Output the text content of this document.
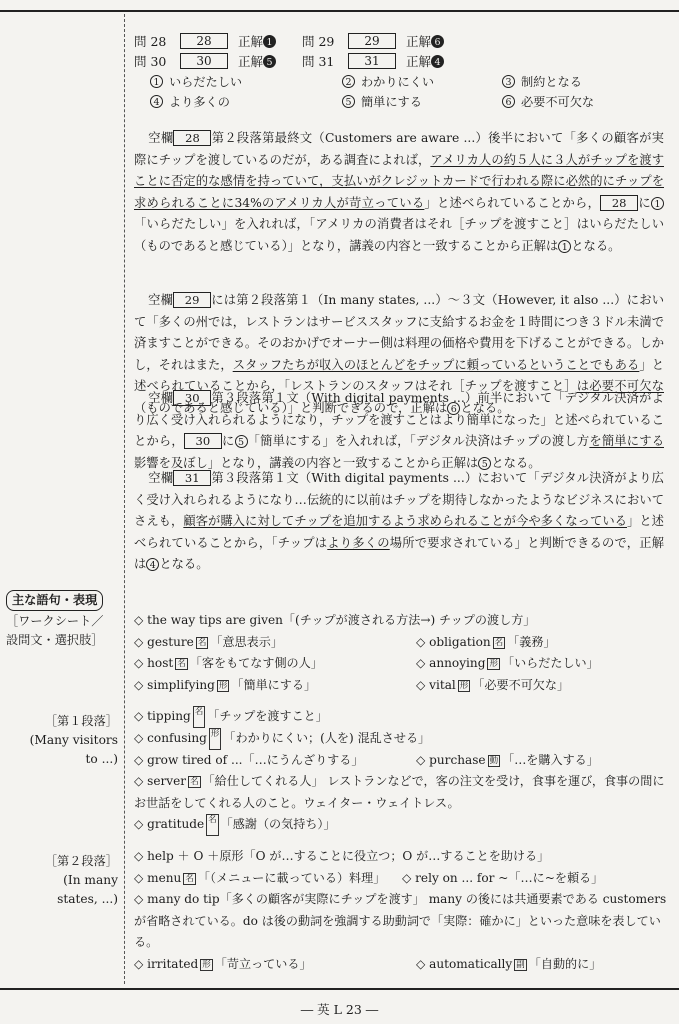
問 28	28	正解 1 問 29	29	正解 6
問 30	30	正解 5 問 31	31	正解 4
1 いらだたしい	2 わかりにくい	3 制約となる
4 より多くの	5 簡単にする	6 必要不可欠な
空欄 28 第２段落第最終文（Customers are aware ...）後半において「多くの顧客が実際にチップを渡しているのだが，ある調査によれば，アメリカ人の約５人に３人がチップを渡すことに否定的な感情を持っていて，支払いがクレジットカードで行われる際に必然的にチップを求められることに34%のアメリカ人が苛立っている」と述べられていることから， 28 に 1「いらだたしい」を入れれば，「アメリカの消費者はそれ［チップを渡すこと］はいらだたしい（ものであると感じている）」となり，講義の内容と一致することから正解は 1 となる。
空欄 29 には第２段落第１（In many states, ...）～３文（However, it also ...）において「多くの州では，レストランはサービススタッフに支給するお金を１時間につき３ドル未満で済ますことができる。そのおかげでオーナー側は料理の価格や費用を下げることができる。しかし，それはまた，スタッフたちが収入のほとんどをチップに頼っているということでもある」と述べられていることから，「レストランのスタッフはそれ［チップを渡すこと］は必要不可欠な（ものであると感じている）」と判断できるので，正解は 6 となる。
空欄 30 第３段落第１文（With digital payments ...）前半において「デジタル決済がより広く受け入れられるようになり，チップを渡すことはより簡単になった」と述べられていることから， 30 に 5 「簡単にする」を入れれば，「デジタル決済はチップの渡し方を簡単にする影響を及ぼし」となり，講義の内容と一致することから正解は 5 となる。
空欄 31 第３段落第１文（With digital payments ...）において「デジタル決済がより広く受け入れられるようになり…伝統的に以前はチップを期待しなかったようなビジネスにおいてさえも，顧客が購入に対してチップを追加するよう求められることが今や多くなっている」と述べられていることから，「チップはより多くの場所で要求されている」と判断できるので，正解は 4 となる。
主な語句・表現
［ワークシート／
設問文・選択肢］
［第１段落］
(Many visitors
to ...)
［第２段落］
(In many
states, ...)
◇ the way tips are given「(チップが渡される方法→) チップの渡し方」
◇ gesture 名 「意思表示」	◇ obligation 名 「義務」
◇ host 名 「客をもてなす側の人」	◇ annoying 形 「いらだたしい」
◇ simplifying 形 「簡単にする」	◇ vital 形 「必要不可欠な」
◇ tipping 名 「チップを渡すこと」
◇ confusing 形 「わかりにくい；(人を) 混乱させる」
◇ grow tired of ...「…にうんざりする」	◇ purchase 動 「…を購入する」
◇ server 名 「給仕してくれる人」 レストランなどで，客の注文を受け，食事を運び，食事の間にお世話をしてくれる人のこと。ウェイター・ウェイトレス。
◇ gratitude 名 「感謝（の気持ち）」
◇ help ＋ O ＋原形「O が…することに役立つ；O が…することを助ける」
◇ menu 名 「（メニューに載っている）料理」	◇ rely on ... for ~「…に~を頼る」
◇ many do tip「多くの顧客が実際にチップを渡す」 many の後には共通要素である customers が省略されている。do は後の動詞を強調する助動詞で「実際：確かに」といった意味を表している。
◇ irritated 形 「苛立っている」	◇ automatically 副 「自動的に」
― 英 L 23 ―
